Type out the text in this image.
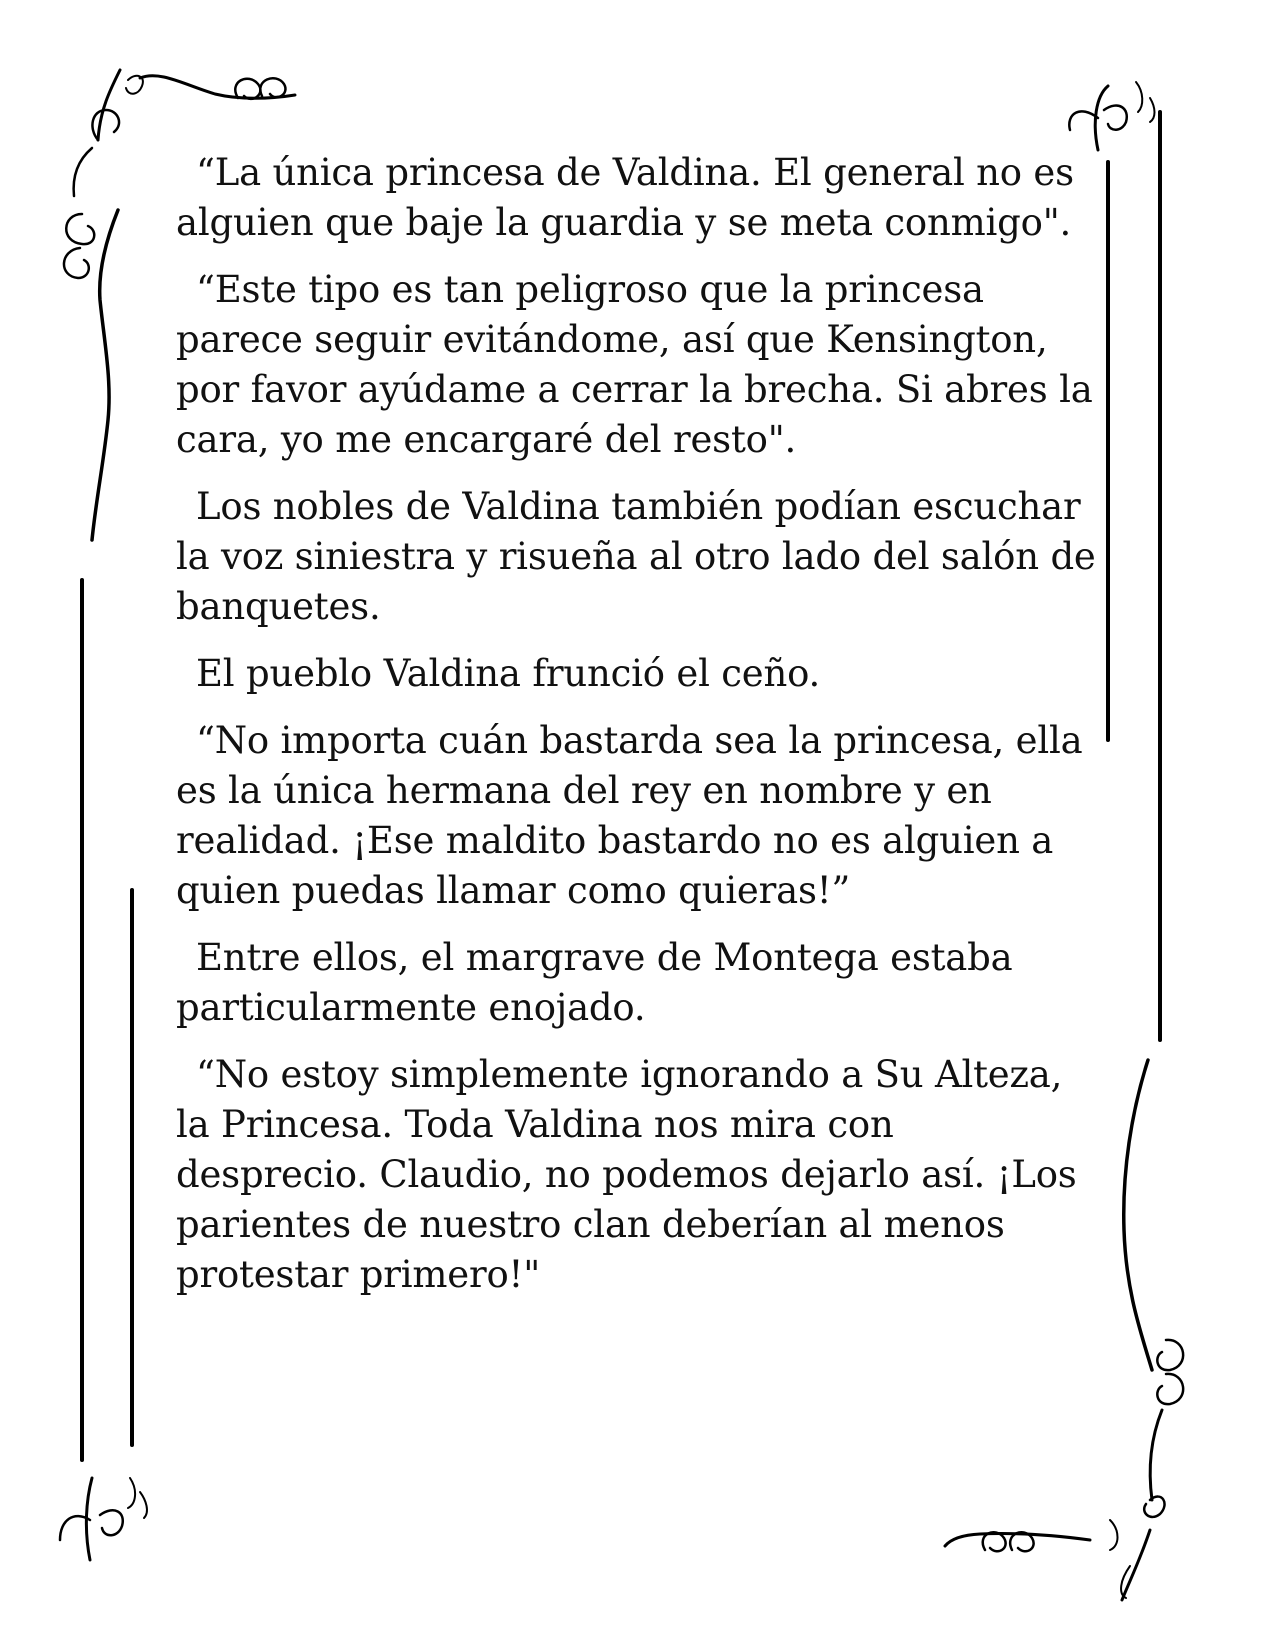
“La única princesa de Valdina. El general no es alguien que baje la guardia y se meta conmigo".

“Este tipo es tan peligroso que la princesa parece seguir evitándome, así que Kensington, por favor ayúdame a cerrar la brecha. Si abres la cara, yo me encargaré del resto".

Los nobles de Valdina también podían escuchar la voz siniestra y risueña al otro lado del salón de banquetes.

El pueblo Valdina frunció el ceño.

“No importa cuán bastarda sea la princesa, ella es la única hermana del rey en nombre y en realidad. ¡Ese maldito bastardo no es alguien a quien puedas llamar como quieras!”

Entre ellos, el margrave de Montega estaba particularmente enojado.

“No estoy simplemente ignorando a Su Alteza, la Princesa. Toda Valdina nos mira con desprecio. Claudio, no podemos dejarlo así. ¡Los parientes de nuestro clan deberían al menos protestar primero!"
